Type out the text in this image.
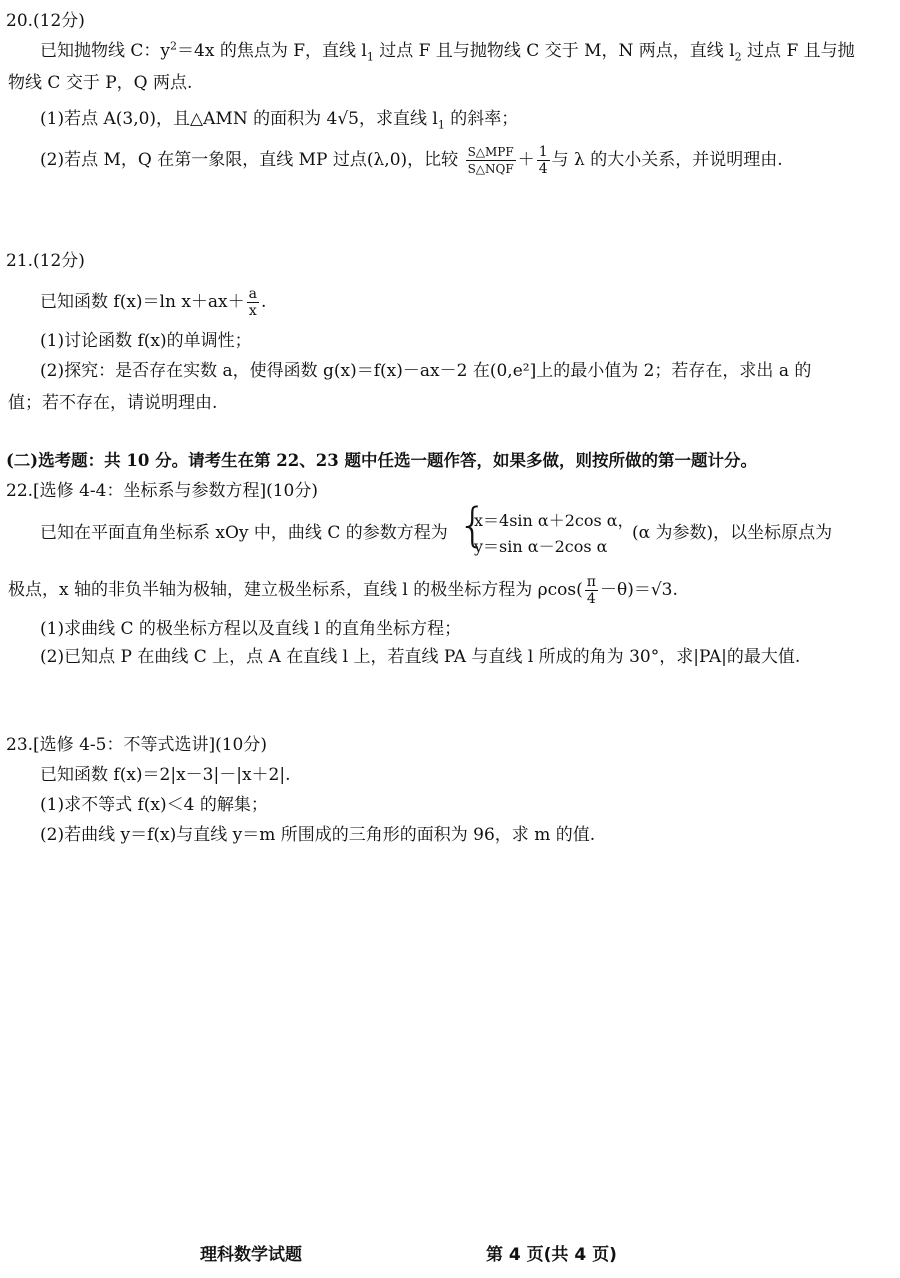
20.(12分)
已知抛物线 C：$y^2=4x$ 的焦点为 F，直线 $l_1$ 过点 F 且与抛物线 C 交于 M，N 两点，直线 $l_2$ 过点 F 且与抛
物线 C 交于 P，Q 两点.
(1)若点 A(3,0)，且△AMN 的面积为 4√5，求直线 $l_1$ 的斜率；
(2)若点 M，Q 在第一象限，直线 MP 过点(λ,0)，比较 $\frac{\text{S△MPF}}{\text{S△NQF}} + \frac{1}{4}$ 与 λ 的大小关系，并说明理由.
21.(12分)
已知函数 f(x)＝ln $x+ax+ \frac{a}{x}$ .
(1)讨论函数 f(x)的单调性；
(2)探究：是否存在实数 a，使得函数 g(x)＝f(x)－ax－2 在(0,e²]上的最小值为 2；若存在，求出 a 的
值；若不存在，请说明理由.
(二)选考题：共 10 分。请考生在第 22、23 题中任选一题作答，如果多做，则按所做的第一题计分。
22.[选修 4-4：坐标系与参数方程](10分)
已知在平面直角坐标系 xOy 中，曲线 C 的参数方程为 {
x＝4sin α＋2cos α，
y＝sin α－2cos α
(α 为参数)，以坐标原点为
极点，x 轴的非负半轴为极轴，建立极坐标系，直线 l 的极坐标方程为 $\rho\cos( \frac{\pi}{4} -\theta)=√3$.
(1)求曲线 C 的极坐标方程以及直线 l 的直角坐标方程；
(2)已知点 P 在曲线 C 上，点 A 在直线 l 上，若直线 PA 与直线 l 所成的角为 30°，求|PA|的最大值.
23.[选修 4-5：不等式选讲](10分)
已知函数 f(x)＝2|x－3|－|x＋2|.
(1)求不等式 f(x)＜4 的解集；
(2)若曲线 y＝f(x)与直线 y＝m 所围成的三角形的面积为 96，求 m 的值.
理科数学试题	第 4 页(共 4 页)
